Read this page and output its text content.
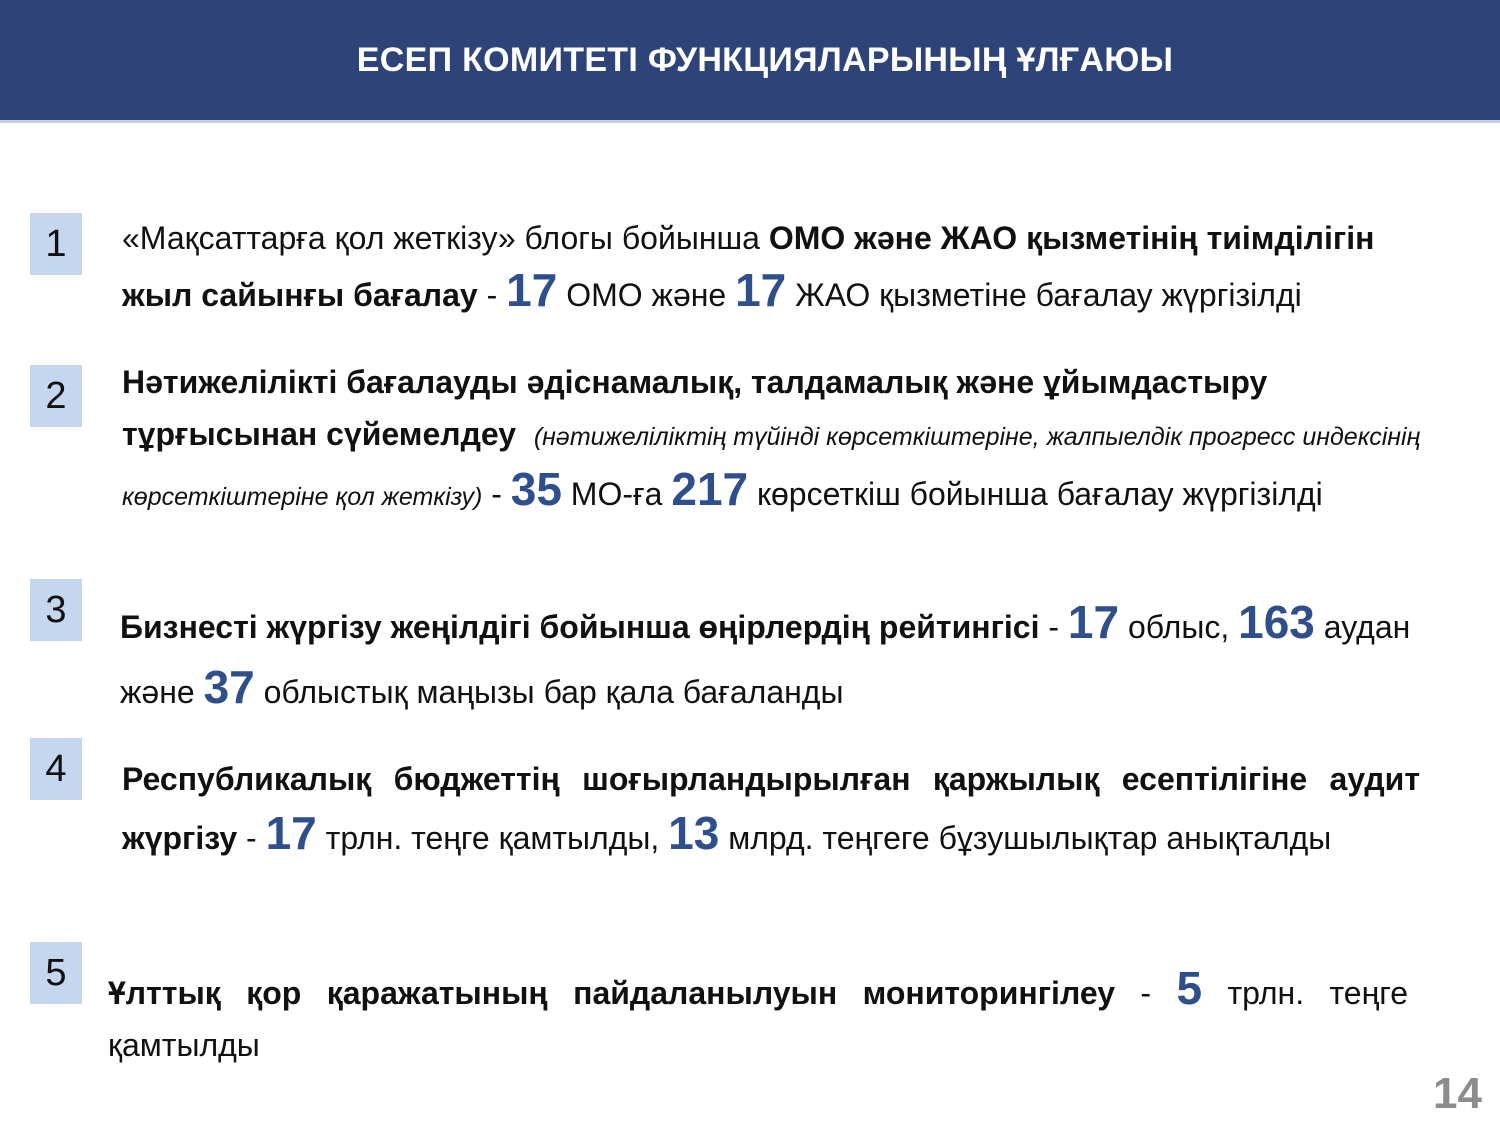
ЕСЕП КОМИТЕТІ ФУНКЦИЯЛАРЫНЫҢ ҰЛҒАЮЫ
1	«Мақсаттарға қол жеткізу» блогы бойынша ОМО және ЖАО қызметінің тиімділігін жыл сайынғы бағалау - 17 ОМО және 17 ЖАО қызметіне бағалау жүргізілді
2	Нәтижелілікті бағалауды әдіснамалық, талдамалық және ұйымдастыру тұрғысынан сүйемелдеу (нәтижеліліктің түйінді көрсеткіштеріне, жалпыелдік прогресс индексінің көрсеткіштеріне қол жеткізу) - 35 МО-ға 217 көрсеткіш бойынша бағалау жүргізілді
3	Бизнесті жүргізу жеңілдігі бойынша өңірлердің рейтингісі - 17 облыс, 163 аудан және 37 облыстық маңызы бар қала бағаланды
4	Республикалық бюджеттің шоғырландырылған қаржылық есептілігіне аудит жүргізу - 17 трлн. теңге қамтылды, 13 млрд. теңгеге бұзушылықтар анықталды
5	Ұлттық қор қаражатының пайдаланылуын мониторингілеу - 5 трлн. теңге қамтылды
14
